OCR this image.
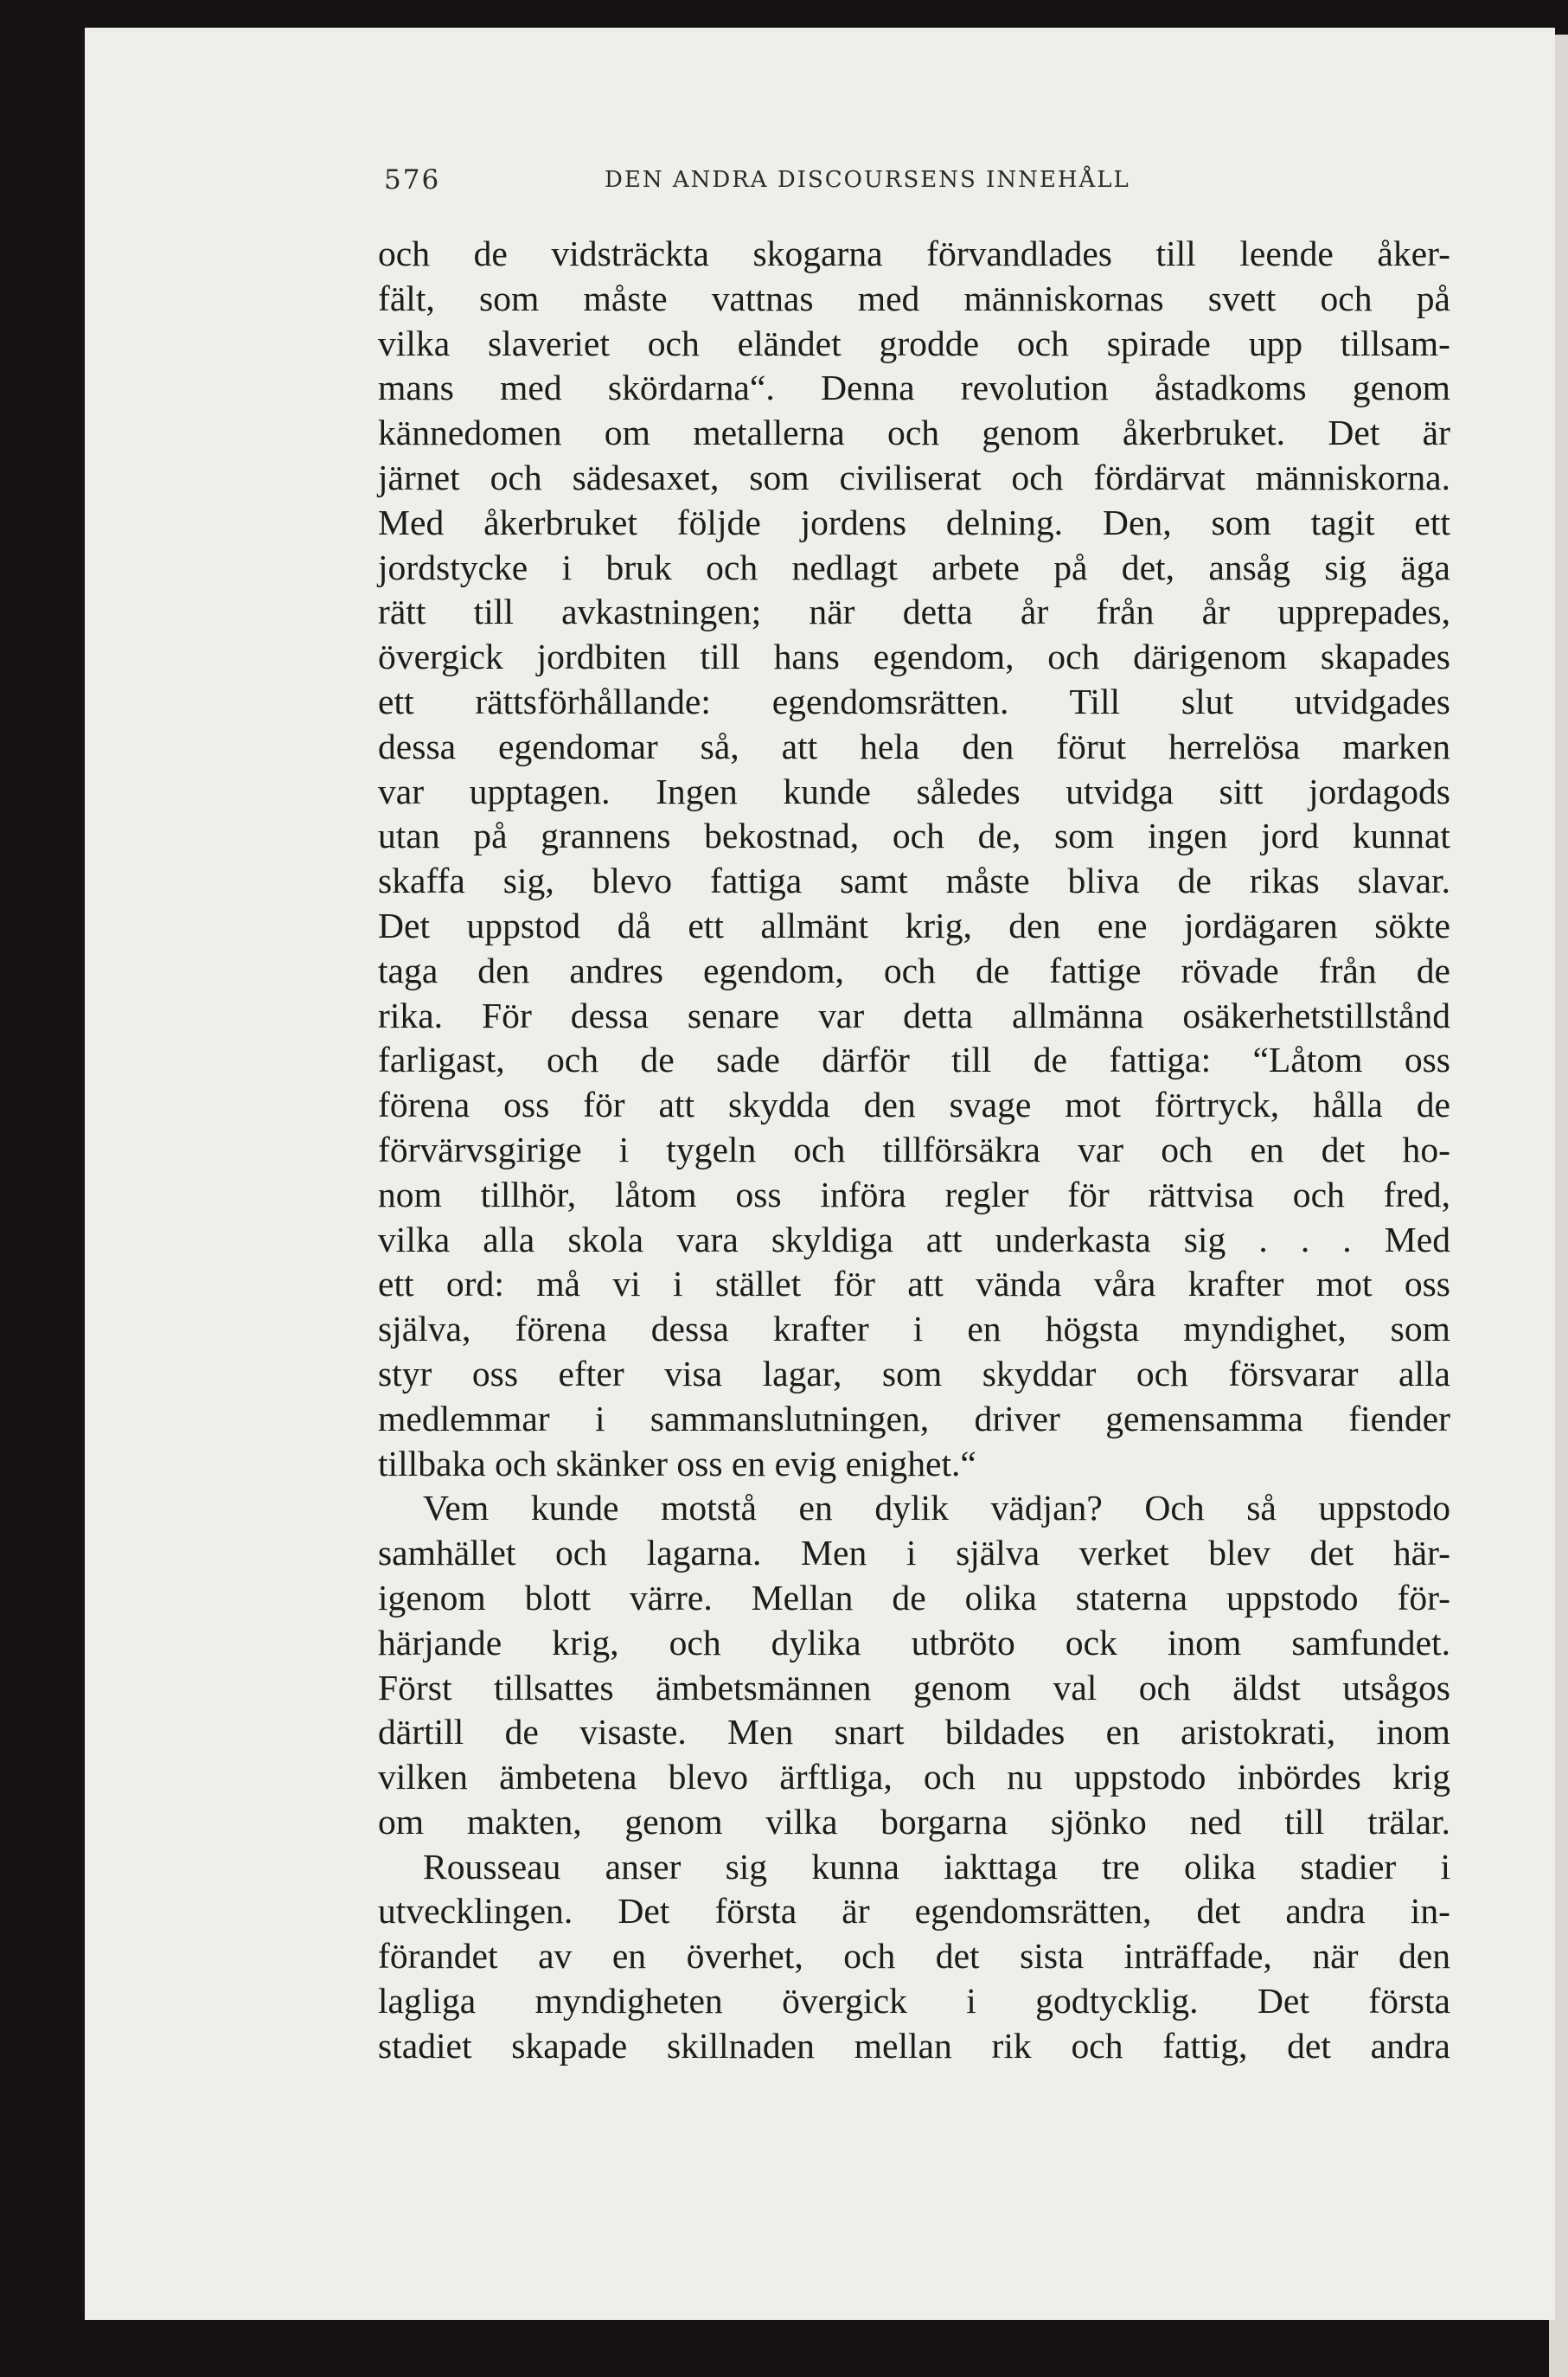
576	DEN ANDRA DISCOURSENS INNEHÅLL
och de vidsträckta skogarna förvandlades till leende åker-
fält, som måste vattnas med människornas svett och på
vilka slaveriet och eländet grodde och spirade upp tillsam-
mans med skördarna“. Denna revolution åstadkoms genom
kännedomen om metallerna och genom åkerbruket. Det är
järnet och sädesaxet, som civiliserat och fördärvat människorna.
Med åkerbruket följde jordens delning. Den, som tagit ett
jordstycke i bruk och nedlagt arbete på det, ansåg sig äga
rätt till avkastningen; när detta år från år upprepades,
övergick jordbiten till hans egendom, och därigenom skapades
ett rättsförhållande: egendomsrätten. Till slut utvidgades
dessa egendomar så, att hela den förut herrelösa marken
var upptagen. Ingen kunde således utvidga sitt jordagods
utan på grannens bekostnad, och de, som ingen jord kunnat
skaffa sig, blevo fattiga samt måste bliva de rikas slavar.
Det uppstod då ett allmänt krig, den ene jordägaren sökte
taga den andres egendom, och de fattige rövade från de
rika. För dessa senare var detta allmänna osäkerhetstillstånd
farligast, och de sade därför till de fattiga: “Låtom oss
förena oss för att skydda den svage mot förtryck, hålla de
förvärvsgirige i tygeln och tillförsäkra var och en det ho-
nom tillhör, låtom oss införa regler för rättvisa och fred,
vilka alla skola vara skyldiga att underkasta sig . . . Med
ett ord: må vi i stället för att vända våra krafter mot oss
själva, förena dessa krafter i en högsta myndighet, som
styr oss efter visa lagar, som skyddar och försvarar alla
medlemmar i sammanslutningen, driver gemensamma fiender
tillbaka och skänker oss en evig enighet.“
Vem kunde motstå en dylik vädjan? Och så uppstodo
samhället och lagarna. Men i själva verket blev det här-
igenom blott värre. Mellan de olika staterna uppstodo för-
härjande krig, och dylika utbröto ock inom samfundet.
Först tillsattes ämbetsmännen genom val och äldst utsågos
därtill de visaste. Men snart bildades en aristokrati, inom
vilken ämbetena blevo ärftliga, och nu uppstodo inbördes krig
om makten, genom vilka borgarna sjönko ned till trälar.
Rousseau anser sig kunna iakttaga tre olika stadier i
utvecklingen. Det första är egendomsrätten, det andra in-
förandet av en överhet, och det sista inträffade, när den
lagliga myndigheten övergick i godtycklig. Det första
stadiet skapade skillnaden mellan rik och fattig, det andra
